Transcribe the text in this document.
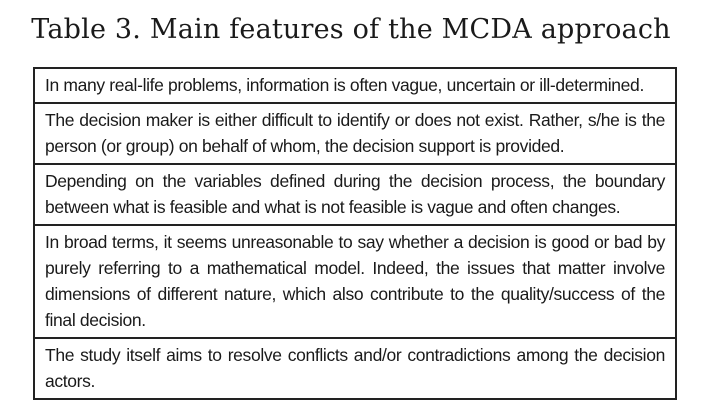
Table 3. Main features of the MCDA approach
In many real-life problems, information is often vague, uncertain or ill-determined.
The decision maker is either difficult to identify or does not exist. Rather, s/he is the person (or group) on behalf of whom, the decision support is provided.
Depending on the variables defined during the decision process, the boundary between what is feasible and what is not feasible is vague and often changes.
In broad terms, it seems unreasonable to say whether a decision is good or bad by purely referring to a mathematical model. Indeed, the issues that matter involve dimensions of different nature, which also contribute to the quality/success of the final decision.
The study itself aims to resolve conflicts and/or contradictions among the decision actors.
